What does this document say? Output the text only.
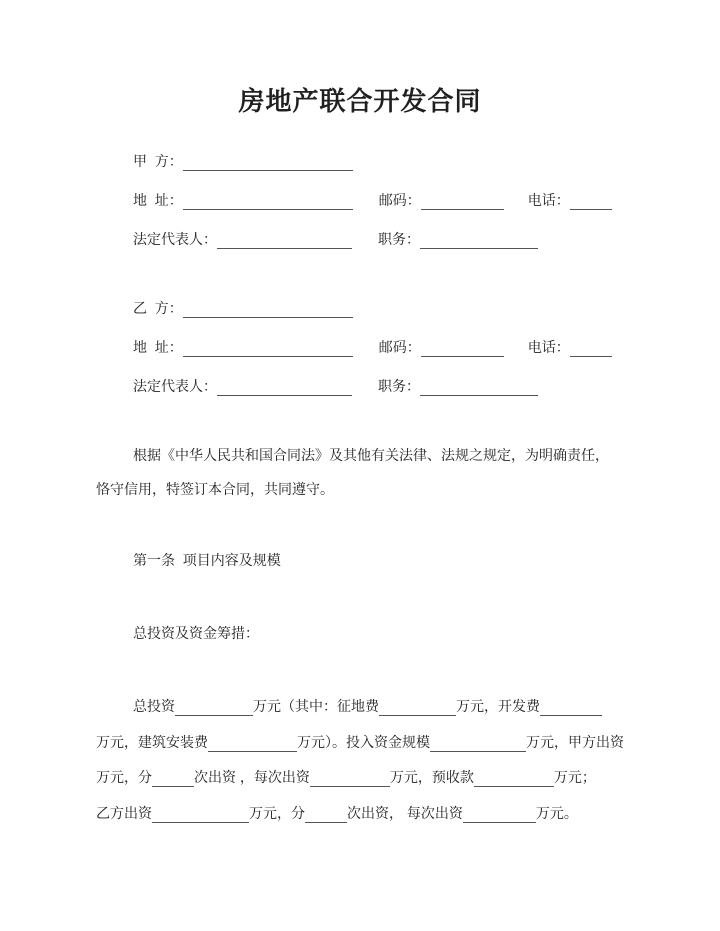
房地产联合开发合同
甲  方：
地  址：	邮码：	电话：
法定代表人：	职务：
乙  方：
地  址：	邮码：	电话：
法定代表人：	职务：
根据《中华人民共和国合同法》及其他有关法律、法规之规定，为明确责任，
恪守信用，特签订本合同，共同遵守。
第一条  项目内容及规模
总投资及资金筹措：
总投资	万元（其中：征地费	万元，开发费
万元，建筑安装费	万元）。投入资金规模	万元，甲方出资
万元，分	次出资 ，每次出资	万元，预收款	万元；
乙方出资	万元，分	次出资， 每次出资	万元。
